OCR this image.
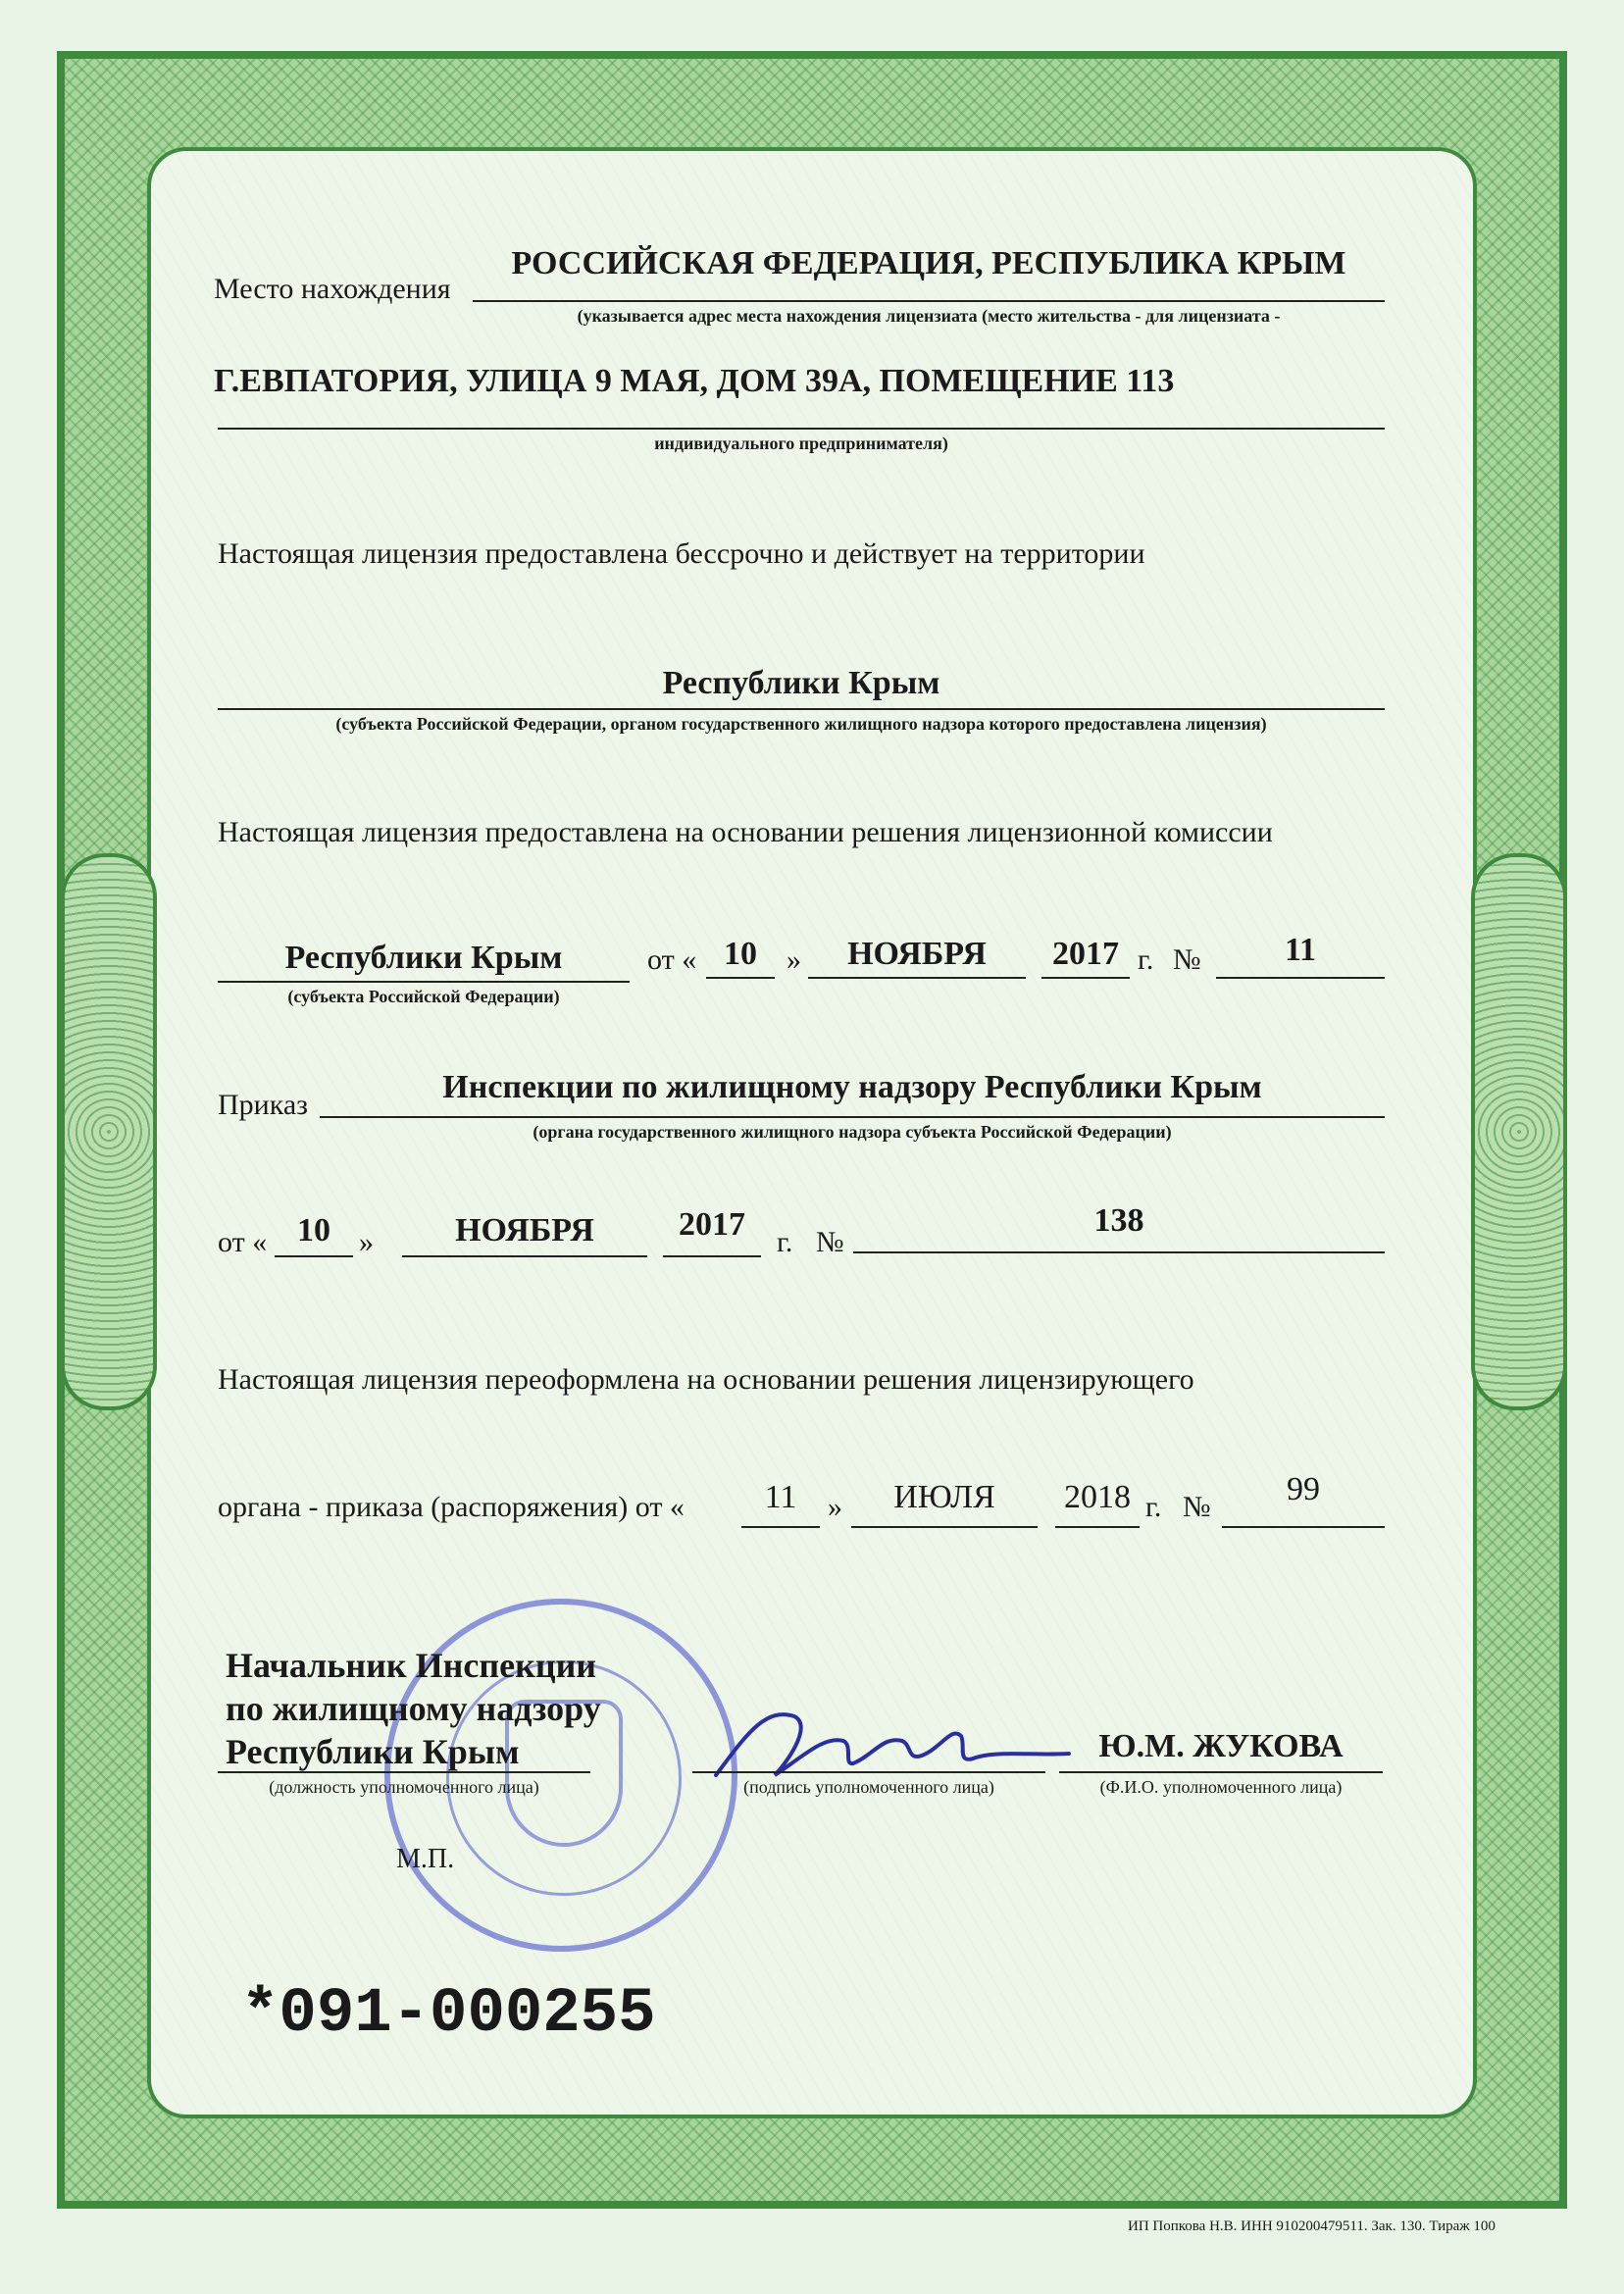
Место нахождения
РОССИЙСКАЯ ФЕДЕРАЦИЯ, РЕСПУБЛИКА КРЫМ
(указывается адрес места нахождения лицензиата (место жительства - для лицензиата -
Г.ЕВПАТОРИЯ, УЛИЦА 9 МАЯ, ДОМ 39А, ПОМЕЩЕНИЕ 113
индивидуального предпринимателя)
Настоящая лицензия предоставлена бессрочно и действует на территории
Республики Крым
(субъекта Российской Федерации, органом государственного жилищного надзора которого предоставлена лицензия)
Настоящая лицензия предоставлена на основании решения лицензионной комиссии
Республики Крым
(субъекта Российской Федерации)
от « 10	»	НОЯБРЯ	2017 г. №	11
Приказ	Инспекции по жилищному надзору Республики Крым
(органа государственного жилищного надзора субъекта Российской Федерации)
от « 10 »	НОЯБРЯ	2017	г. №
138
Настоящая лицензия переоформлена на основании решения лицензирующего
органа - приказа (распоряжения) от «	11	»	ИЮЛЯ	2018 г. №	99
Начальник Инспекции
по жилищному надзору
Республики Крым
(должность уполномоченного лица)	(подпись уполномоченного лица)
Ю.М. ЖУКОВА
(Ф.И.О. уполномоченного лица)
М.П.
*091-000255
ИП Попкова Н.В. ИНН 910200479511. Зак. 130. Тираж 100
